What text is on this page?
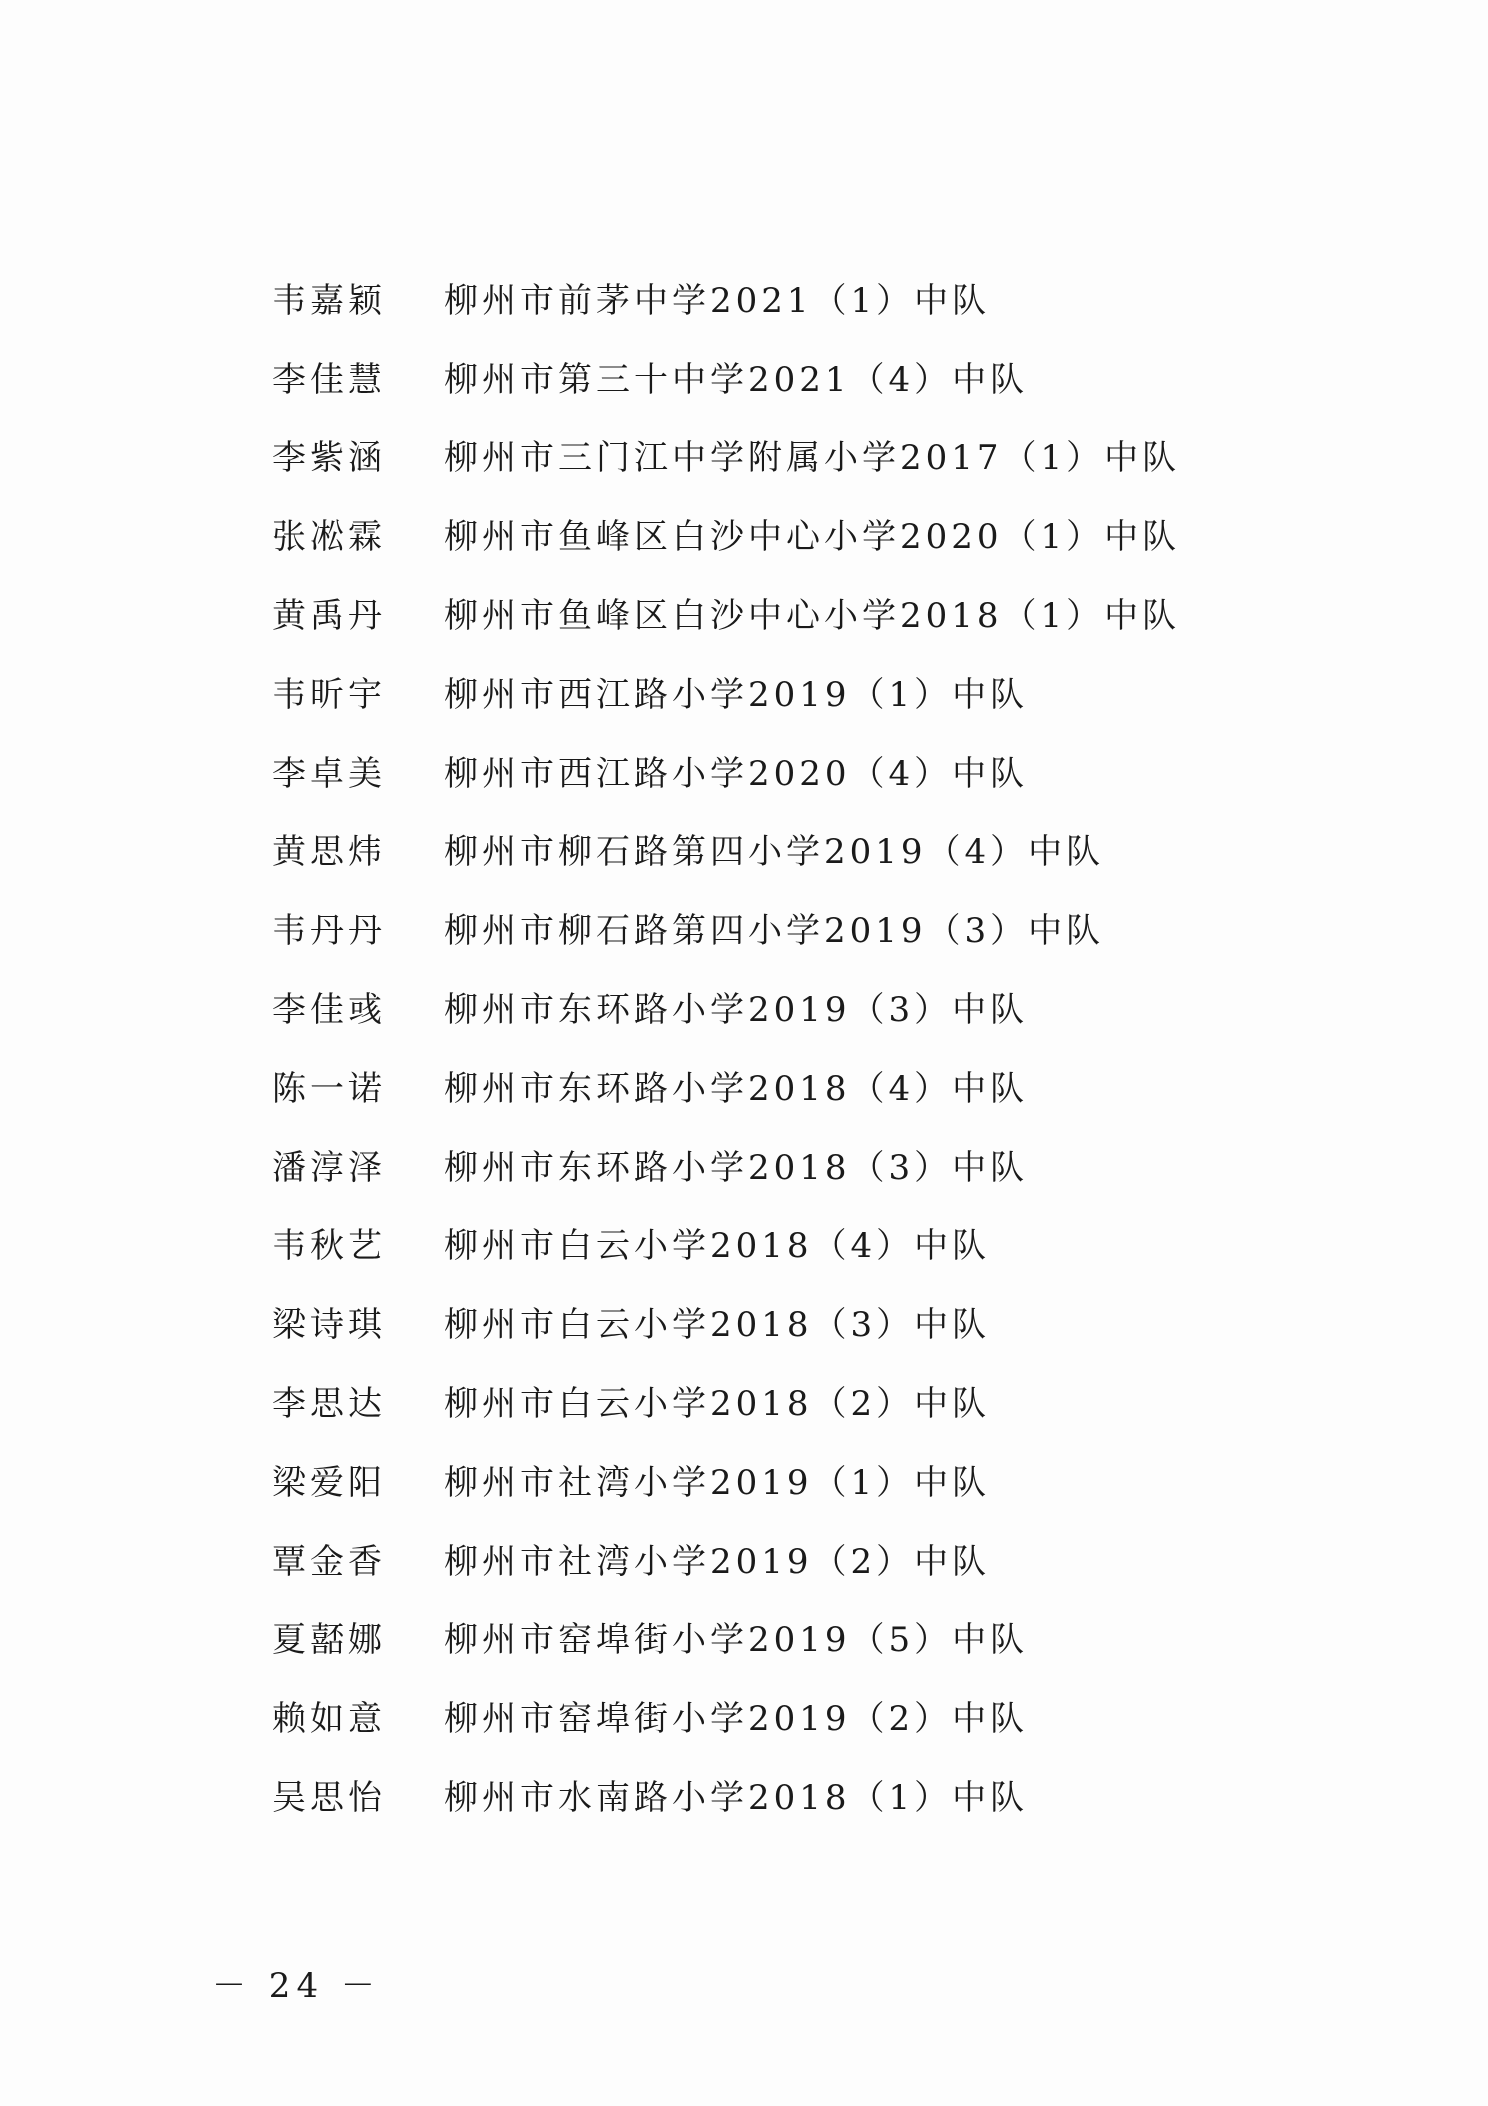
韦嘉颖	柳州市前茅中学2021（1）中队
李佳慧	柳州市第三十中学2021（4）中队
李紫涵	柳州市三门江中学附属小学2017（1）中队
张凇霖	柳州市鱼峰区白沙中心小学2020（1）中队
黄禹丹	柳州市鱼峰区白沙中心小学2018（1）中队
韦昕宇	柳州市西江路小学2019（1）中队
李卓美	柳州市西江路小学2020（4）中队
黄思炜	柳州市柳石路第四小学2019（4）中队
韦丹丹	柳州市柳石路第四小学2019（3）中队
李佳彧	柳州市东环路小学2019（3）中队
陈一诺	柳州市东环路小学2018（4）中队
潘淳泽	柳州市东环路小学2018（3）中队
韦秋艺	柳州市白云小学2018（4）中队
梁诗琪	柳州市白云小学2018（3）中队
李思达	柳州市白云小学2018（2）中队
梁爱阳	柳州市社湾小学2019（1）中队
覃金香	柳州市社湾小学2019（2）中队
夏嚭娜	柳州市窑埠街小学2019（5）中队
赖如意	柳州市窑埠街小学2019（2）中队
吴思怡	柳州市水南路小学2018（1）中队
－ 24 －
